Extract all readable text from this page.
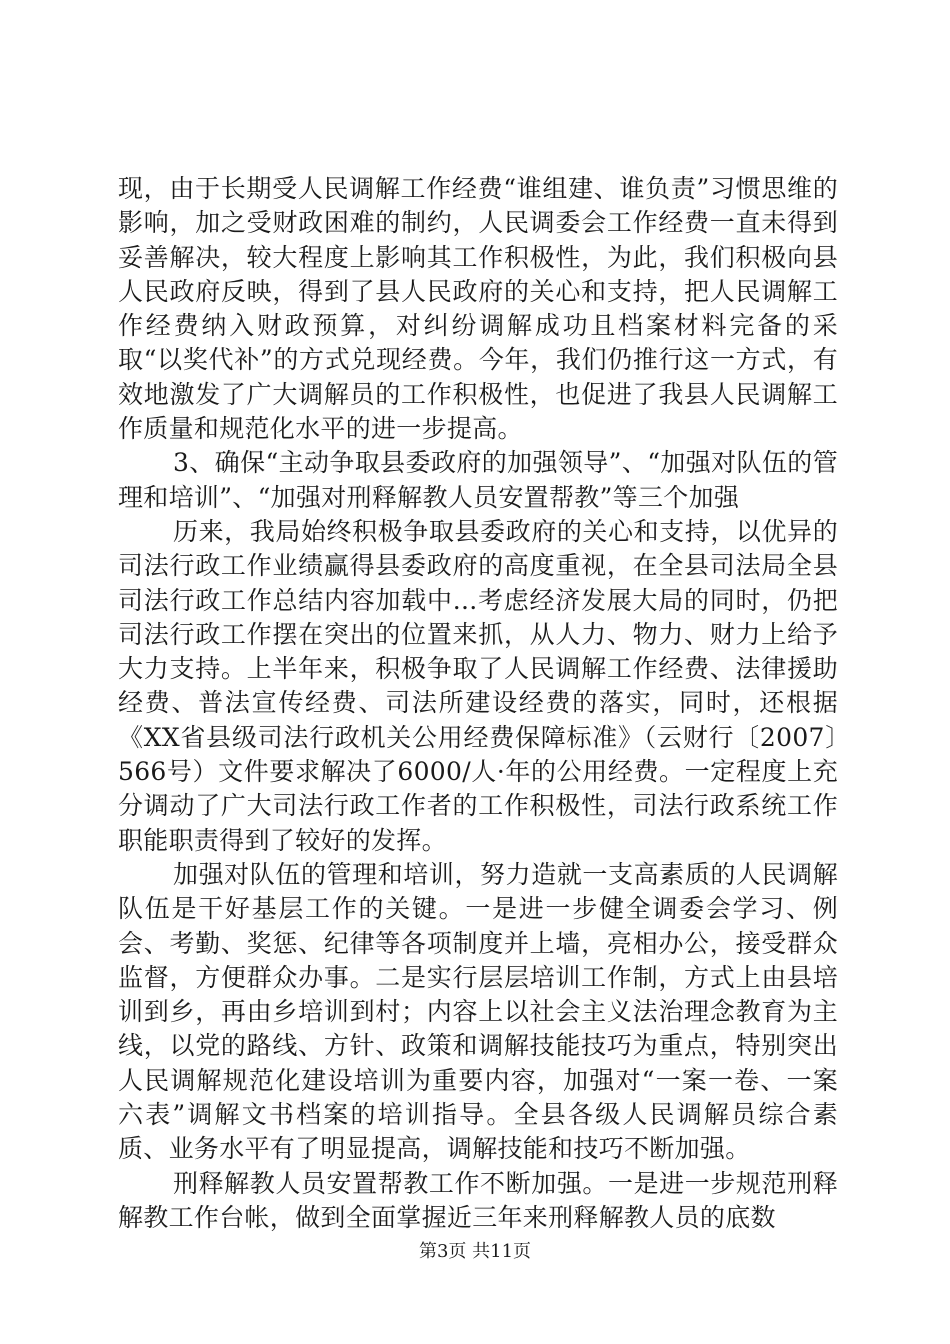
现，由于长期受人民调解工作经费“谁组建、谁负责”习惯思维的影响，加之受财政困难的制约，人民调委会工作经费一直未得到妥善解决，较大程度上影响其工作积极性，为此，我们积极向县人民政府反映，得到了县人民政府的关心和支持，把人民调解工作经费纳入财政预算，对纠纷调解成功且档案材料完备的采取“以奖代补”的方式兑现经费。今年，我们仍推行这一方式，有效地激发了广大调解员的工作积极性，也促进了我县人民调解工作质量和规范化水平的进一步提高。

3、确保“主动争取县委政府的加强领导”、“加强对队伍的管理和培训”、“加强对刑释解教人员安置帮教”等三个加强

历来，我局始终积极争取县委政府的关心和支持，以优异的司法行政工作业绩赢得县委政府的高度重视，在全县司法局全县司法行政工作总结内容加载中...考虑经济发展大局的同时，仍把司法行政工作摆在突出的位置来抓，从人力、物力、财力上给予大力支持。上半年来，积极争取了人民调解工作经费、法律援助经费、普法宣传经费、司法所建设经费的落实，同时，还根据《XX省县级司法行政机关公用经费保障标准》（云财行〔2007〕566号）文件要求解决了6000/人·年的公用经费。一定程度上充分调动了广大司法行政工作者的工作积极性，司法行政系统工作职能职责得到了较好的发挥。

加强对队伍的管理和培训，努力造就一支高素质的人民调解队伍是干好基层工作的关键。一是进一步健全调委会学习、例会、考勤、奖惩、纪律等各项制度并上墙，亮相办公，接受群众监督，方便群众办事。二是实行层层培训工作制，方式上由县培训到乡，再由乡培训到村；内容上以社会主义法治理念教育为主线，以党的路线、方针、政策和调解技能技巧为重点，特别突出人民调解规范化建设培训为重要内容，加强对“一案一卷、一案六表”调解文书档案的培训指导。全县各级人民调解员综合素质、业务水平有了明显提高，调解技能和技巧不断加强。

刑释解教人员安置帮教工作不断加强。一是进一步规范刑释解教工作台帐，做到全面掌握近三年来刑释解教人员的底数

第3页 共11页
